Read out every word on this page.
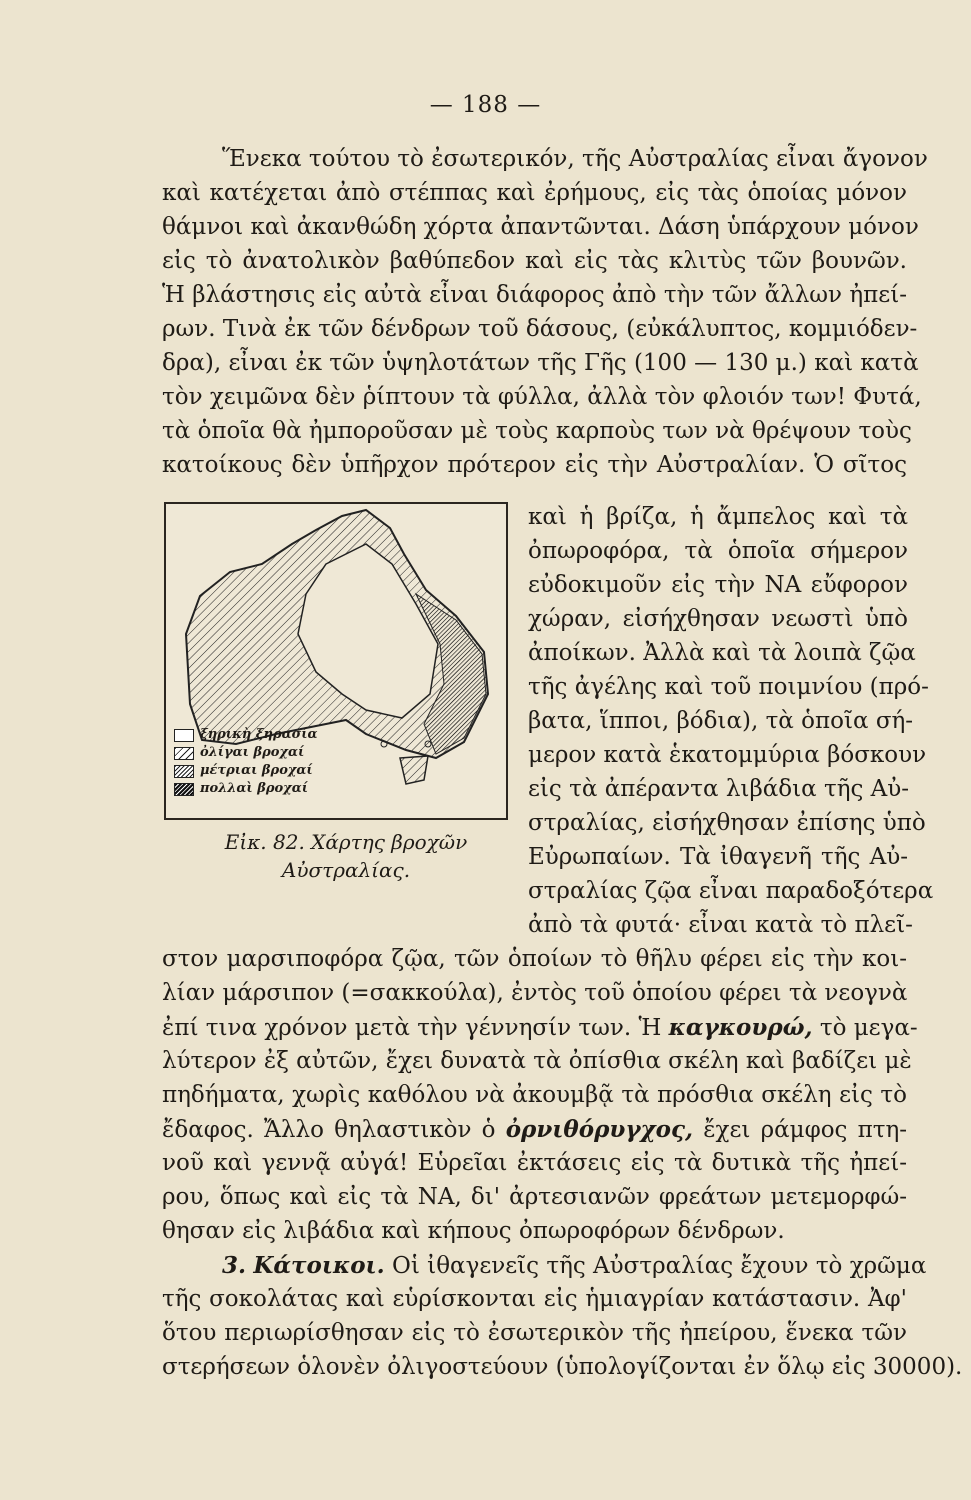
— 188 —
Ἕνεκα τούτου τὸ ἐσωτερικόν, τῆς Αὐστραλίας εἶναι ἄγονον
καὶ κατέχεται ἀπὸ στέππας καὶ ἐρήμους, εἰς τὰς ὁποίας μόνον
θάμνοι καὶ ἀκανθώδη χόρτα ἀπαντῶνται. Δάση ὑπάρχουν μόνον
εἰς τὸ ἀνατολικὸν βαθύπεδον καὶ εἰς τὰς κλιτὺς τῶν βουνῶν.
Ἡ βλάστησις εἰς αὐτὰ εἶναι διάφορος ἀπὸ τὴν τῶν ἄλλων ἠπεί-
ρων. Τινὰ ἐκ τῶν δένδρων τοῦ δάσους, (εὐκάλυπτος, κομμιόδεν-
δρα), εἶναι ἐκ τῶν ὑψηλοτάτων τῆς Γῆς (100 — 130 μ.) καὶ κατὰ
τὸν χειμῶνα δὲν ῥίπτουν τὰ φύλλα, ἀλλὰ τὸν φλοιόν των! Φυτά,
τὰ ὁποῖα θὰ ἠμποροῦσαν μὲ τοὺς καρποὺς των νὰ θρέψουν τοὺς
κατοίκους δὲν ὑπῆρχον πρότερον εἰς τὴν Αὐστραλίαν. Ὁ σῖτος
ξηρικὴ ξηρασία
ὀλίγαι βροχαί
μέτριαι βροχαί
πολλαὶ βροχαί
Εἰκ. 82. Χάρτης βροχῶν
Αὐστραλίας.
καὶ ἡ βρίζα, ἡ ἄμπελος καὶ τὰ
ὀπωροφόρα, τὰ ὁποῖα σήμερον
εὐδοκιμοῦν εἰς τὴν ΝΑ εὔφορον
χώραν, εἰσήχθησαν νεωστὶ ὑπὸ
ἀποίκων. Ἀλλὰ καὶ τὰ λοιπὰ ζῷα
τῆς ἀγέλης καὶ τοῦ ποιμνίου (πρό-
βατα, ἵπποι, βόδια), τὰ ὁποῖα σή-
μερον κατὰ ἑκατομμύρια βόσκουν
εἰς τὰ ἀπέραντα λιβάδια τῆς Αὐ-
στραλίας, εἰσήχθησαν ἐπίσης ὑπὸ
Εὐρωπαίων. Τὰ ἰθαγενῆ τῆς Αὐ-
στραλίας ζῷα εἶναι παραδοξότερα
ἀπὸ τὰ φυτά· εἶναι κατὰ τὸ πλεῖ-
στον μαρσιποφόρα ζῷα, τῶν ὁποίων τὸ θῆλυ φέρει εἰς τὴν κοι-
λίαν μάρσιπον (=σακκούλα), ἐντὸς τοῦ ὁποίου φέρει τὰ νεογνὰ
ἐπί τινα χρόνον μετὰ τὴν γέννησίν των. Ἡ καγκουρώ, τὸ μεγα-
λύτερον ἐξ αὐτῶν, ἔχει δυνατὰ τὰ ὀπίσθια σκέλη καὶ βαδίζει μὲ
πηδήματα, χωρὶς καθόλου νὰ ἀκουμβᾷ τὰ πρόσθια σκέλη εἰς τὸ
ἔδαφος. Ἄλλο θηλαστικὸν ὁ ὀρνιθόρυγχος, ἔχει ράμφος πτη-
νοῦ καὶ γεννᾷ αὐγά! Εὑρεῖαι ἐκτάσεις εἰς τὰ δυτικὰ τῆς ἠπεί-
ρου, ὅπως καὶ εἰς τὰ ΝΑ, δι' ἀρτεσιανῶν φρεάτων μετεμορφώ-
θησαν εἰς λιβάδια καὶ κήπους ὀπωροφόρων δένδρων.
3. Κάτοικοι. Οἱ ἰθαγενεῖς τῆς Αὐστραλίας ἔχουν τὸ χρῶμα
τῆς σοκολάτας καὶ εὑρίσκονται εἰς ἡμιαγρίαν κατάστασιν. Ἀφ'
ὅτου περιωρίσθησαν εἰς τὸ ἐσωτερικὸν τῆς ἠπείρου, ἕνεκα τῶν
στερήσεων ὁλονὲν ὀλιγοστεύουν (ὑπολογίζονται ἐν ὅλῳ εἰς 30000).
